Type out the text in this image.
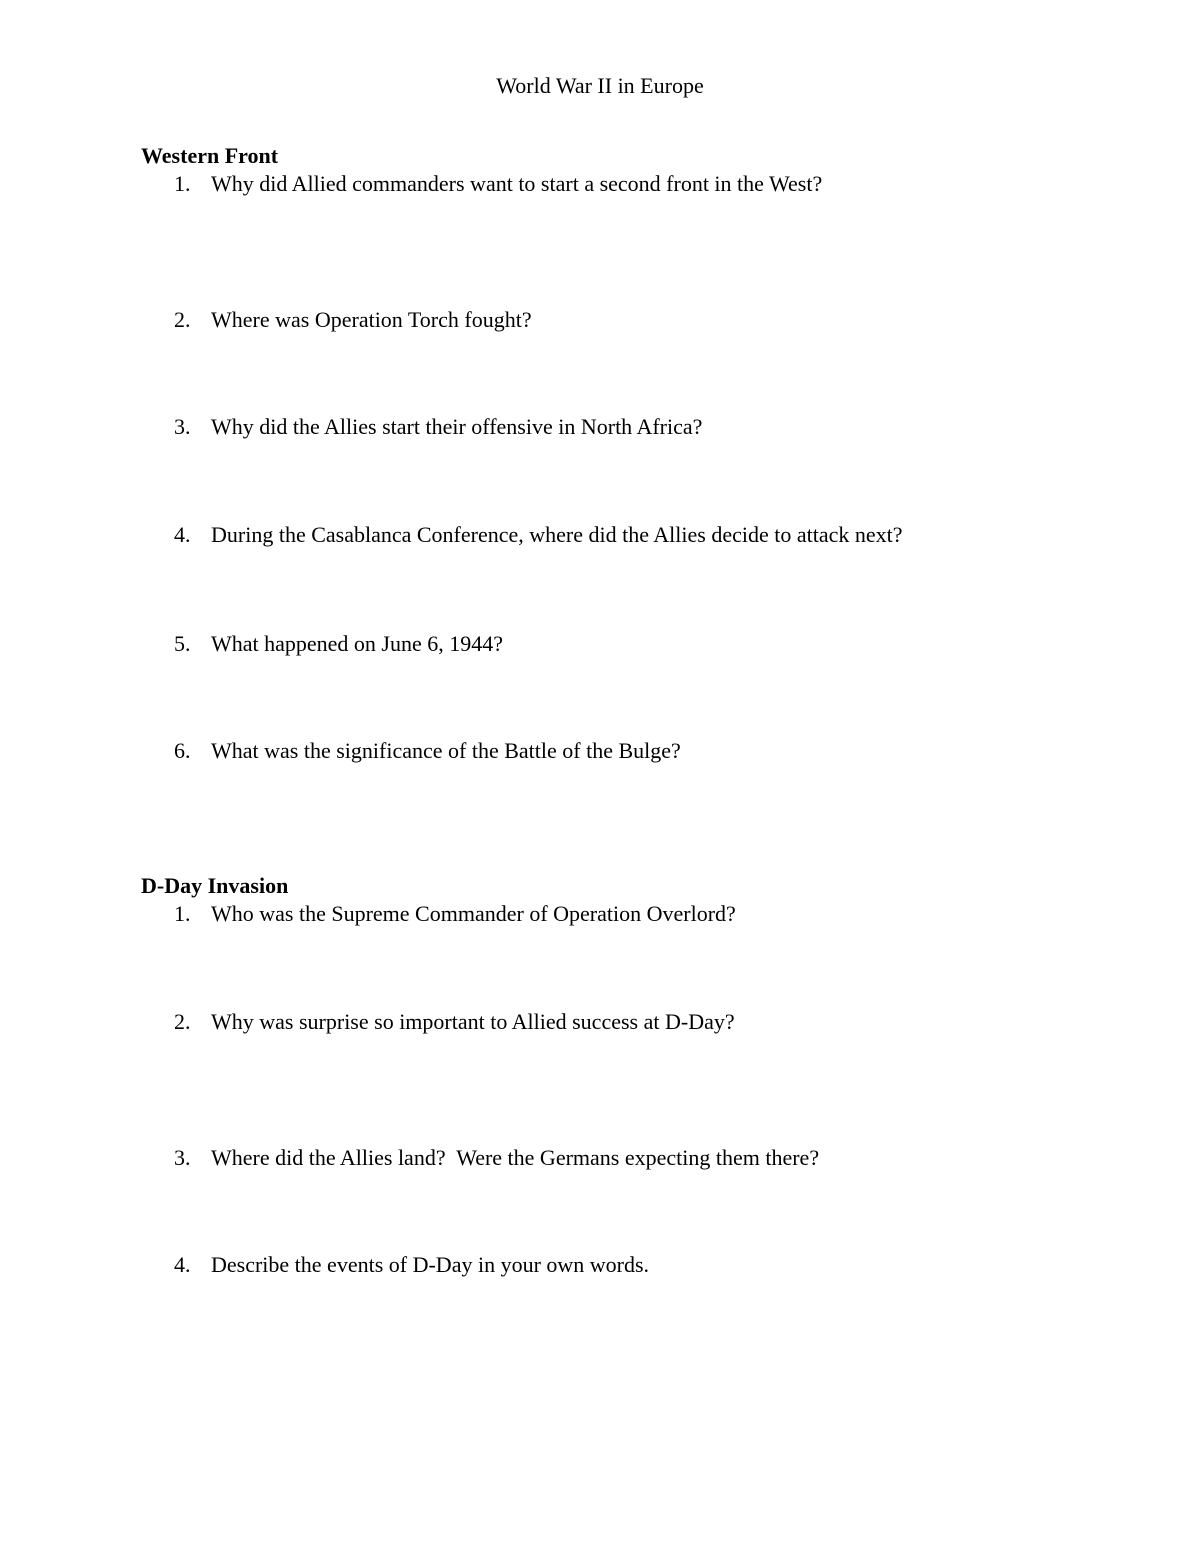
World War II in Europe
Western Front
1. Why did Allied commanders want to start a second front in the West?
2. Where was Operation Torch fought?
3. Why did the Allies start their offensive in North Africa?
4. During the Casablanca Conference, where did the Allies decide to attack next?
5. What happened on June 6, 1944?
6. What was the significance of the Battle of the Bulge?
D-Day Invasion
1. Who was the Supreme Commander of Operation Overlord?
2. Why was surprise so important to Allied success at D-Day?
3. Where did the Allies land?  Were the Germans expecting them there?
4. Describe the events of D-Day in your own words.
